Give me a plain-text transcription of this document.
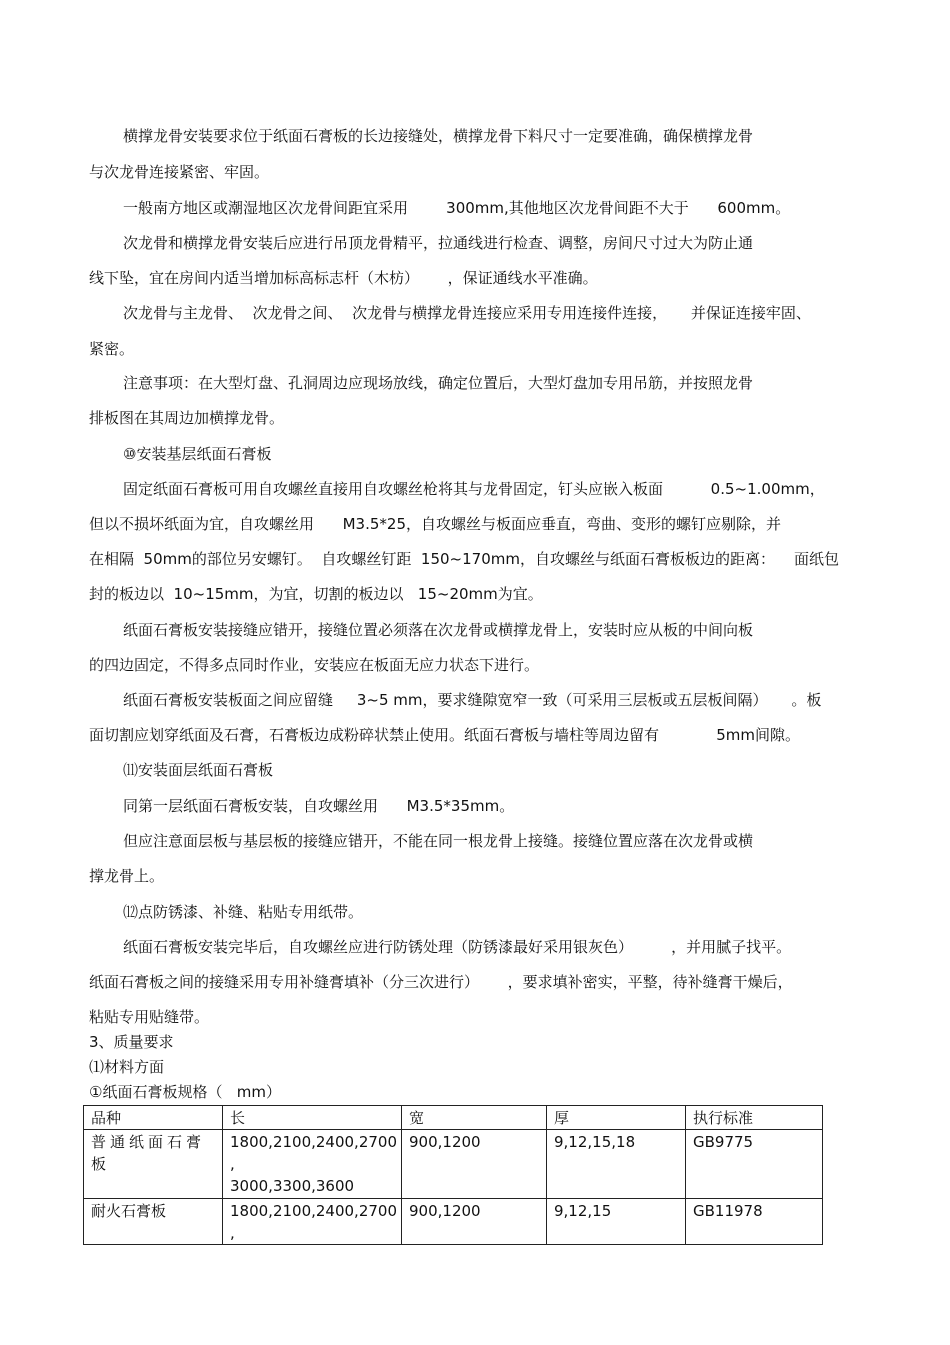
横撑龙骨安装要求位于纸面石膏板的长边接缝处，横撑龙骨下料尺寸一定要准确，确保横撑龙骨
与次龙骨连接紧密、牢固。
一般南方地区或潮湿地区次龙骨间距宜采用        300mm,其他地区次龙骨间距不大于      600mm。
次龙骨和横撑龙骨安装后应进行吊顶龙骨精平，拉通线进行检查、调整，房间尺寸过大为防止通
线下坠，宜在房间内适当增加标高标志杆（木枋）      ，保证通线水平准确。
次龙骨与主龙骨、  次龙骨之间、  次龙骨与横撑龙骨连接应采用专用连接件连接，     并保证连接牢固、
紧密。
注意事项：在大型灯盘、孔洞周边应现场放线，确定位置后，大型灯盘加专用吊筋，并按照龙骨
排板图在其周边加横撑龙骨。
⑩安装基层纸面石膏板
固定纸面石膏板可用自攻螺丝直接用自攻螺丝枪将其与龙骨固定，钉头应嵌入板面          0.5~1.00mm，
但以不损坏纸面为宜，自攻螺丝用      M3.5*25，自攻螺丝与板面应垂直，弯曲、变形的螺钉应剔除，并
在相隔  50mm的部位另安螺钉。  自攻螺丝钉距  150~170mm，自攻螺丝与纸面石膏板板边的距离：    面纸包
封的板边以  10~15mm，为宜，切割的板边以   15~20mm为宜。
纸面石膏板安装接缝应错开，接缝位置必须落在次龙骨或横撑龙骨上，安装时应从板的中间向板
的四边固定，不得多点同时作业，安装应在板面无应力状态下进行。
纸面石膏板安装板面之间应留缝     3~5 mm，要求缝隙宽窄一致（可采用三层板或五层板间隔）     。板
面切割应划穿纸面及石膏，石膏板边成粉碎状禁止使用。纸面石膏板与墙柱等周边留有            5mm间隙。
⑾安装面层纸面石膏板
同第一层纸面石膏板安装，自攻螺丝用      M3.5*35mm。
但应注意面层板与基层板的接缝应错开，不能在同一根龙骨上接缝。接缝位置应落在次龙骨或横
撑龙骨上。
⑿点防锈漆、补缝、粘贴专用纸带。
纸面石膏板安装完毕后，自攻螺丝应进行防锈处理（防锈漆最好采用银灰色）        ，并用腻子找平。
纸面石膏板之间的接缝采用专用补缝膏填补（分三次进行）      ，要求填补密实，平整，待补缝膏干燥后，
粘贴专用贴缝带。
3、质量要求
⑴材料方面
①纸面石膏板规格（   mm）
品种	长	宽	厚	执行标准

普通纸面石膏板	1800,2100,2400,2700
,
3000,3300,3600	900,1200	9,12,15,18	GB9775

耐火石膏板	1800,2100,2400,2700
,	900,1200	9,12,15	GB11978
